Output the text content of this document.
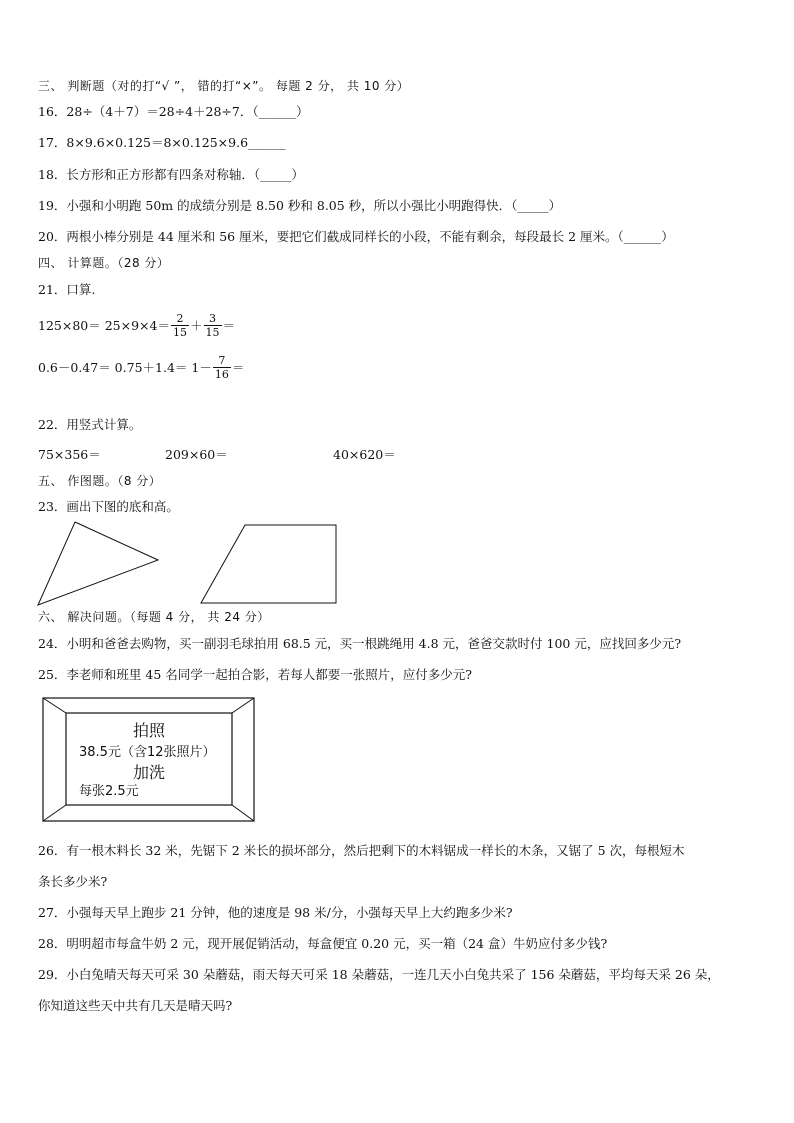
三、 判断题（对的打“√ ”， 错的打“×”。 每题 2 分， 共 10 分）
16．28÷（4＋7）＝28÷4＋28÷7．（______）
17．8×9.6×0.125＝8×0.125×9.6______
18．长方形和正方形都有四条对称轴．（_____）
19．小强和小明跑 50m 的成绩分别是 8.50 秒和 8.05 秒，所以小强比小明跑得快．（_____）
20．两根小棒分别是 44 厘米和 56 厘米，要把它们截成同样长的小段，不能有剩余，每段最长 2 厘米。（______）
四、 计算题。（28 分）
21．口算.
$125\times 80= 25\times 9\times 4= \frac{2}{15} + \frac{3}{15}$ ＝
$0.6-0.47= 0.75+1.4= 1- \frac{7}{16}$ ＝
22．用竖式计算。
75×356＝	209×60＝	40×620＝
五、 作图题。（8 分）
23．画出下图的底和高。
六、 解决问题。（每题 4 分， 共 24 分）
24．小明和爸爸去购物，买一副羽毛球拍用 68.5 元，买一根跳绳用 4.8 元，爸爸交款时付 100 元，应找回多少元?
25．李老师和班里 45 名同学一起拍合影，若每人都要一张照片，应付多少元?
拍照
38.5元（含12张照片）
加洗
每张2.5元
26．有一根木料长 32 米，先锯下 2 米长的损坏部分，然后把剩下的木料锯成一样长的木条，又锯了 5 次，每根短木
条长多少米?
27．小强每天早上跑步 21 分钟，他的速度是 98 米/分，小强每天早上大约跑多少米?
28．明明超市每盒牛奶 2 元，现开展促销活动，每盒便宜 0.20 元，买一箱（24 盒）牛奶应付多少钱?
29．小白兔晴天每天可采 30 朵蘑菇，雨天每天可采 18 朵蘑菇，一连几天小白兔共采了 156 朵蘑菇，平均每天采 26 朵，
你知道这些天中共有几天是晴天吗?
